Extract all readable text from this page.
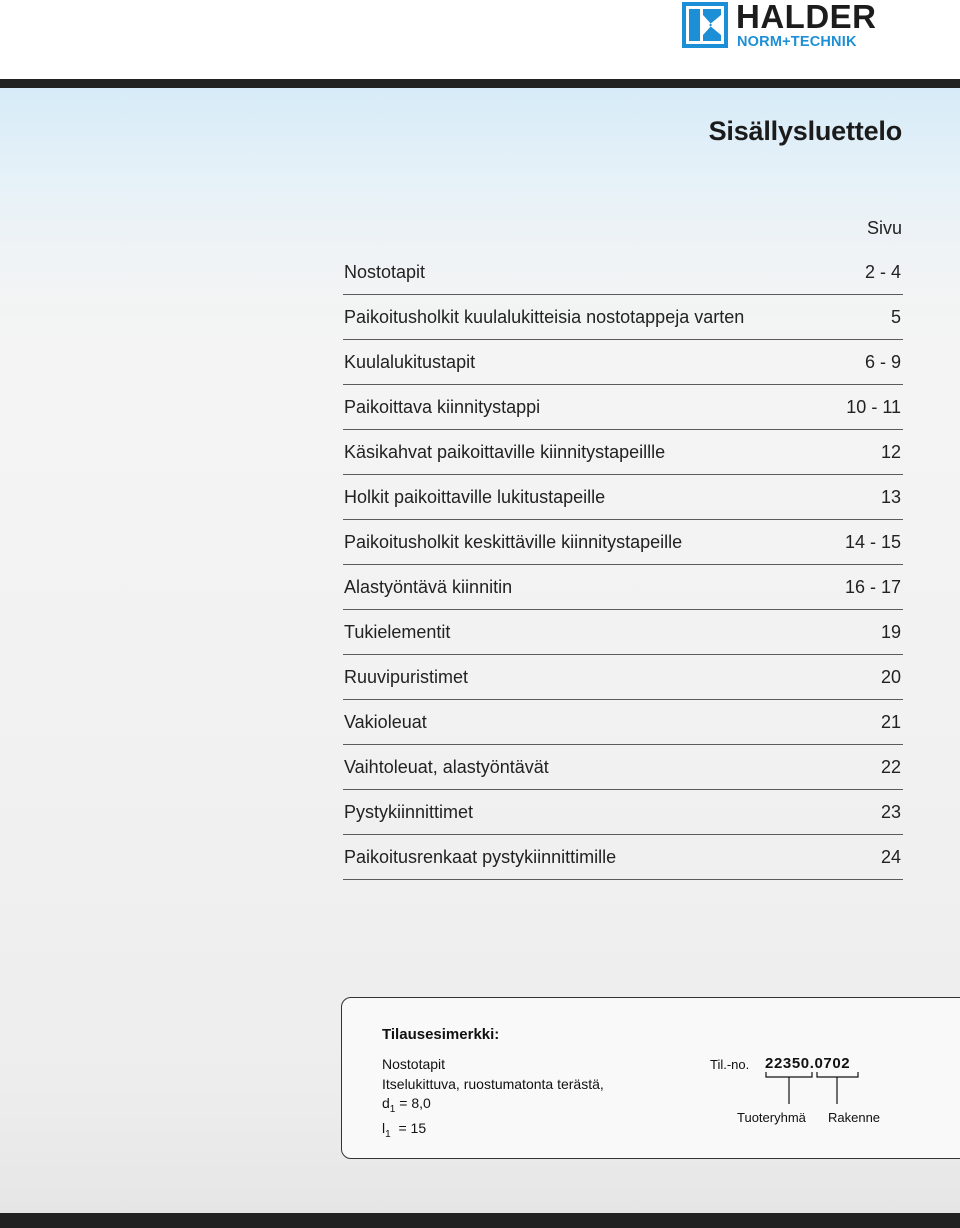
HALDER
NORM+TECHNIK
Sisällysluettelo
Sivu
Nostotapit	2 - 4
Paikoitusholkit kuulalukitteisia nostotappeja varten	5
Kuulalukitustapit	6 - 9
Paikoittava kiinnitystappi	10 - 11
Käsikahvat paikoittaville kiinnitystapeillle	12
Holkit paikoittaville lukitustapeille	13
Paikoitusholkit keskittäville kiinnitystapeille	14 - 15
Alastyöntävä kiinnitin	16 - 17
Tukielementit	19
Ruuvipuristimet	20
Vakioleuat	21
Vaihtoleuat, alastyöntävät	22
Pystykiinnittimet	23
Paikoitusrenkaat pystykiinnittimille	24
Tilausesimerkki:
Nostotapit
Itselukittuva, ruostumatonta terästä,
$d_1 = 8,0$
$l_1 = 15$
Til.-no. 22350.0702
Tuoteryhmä Rakenne
